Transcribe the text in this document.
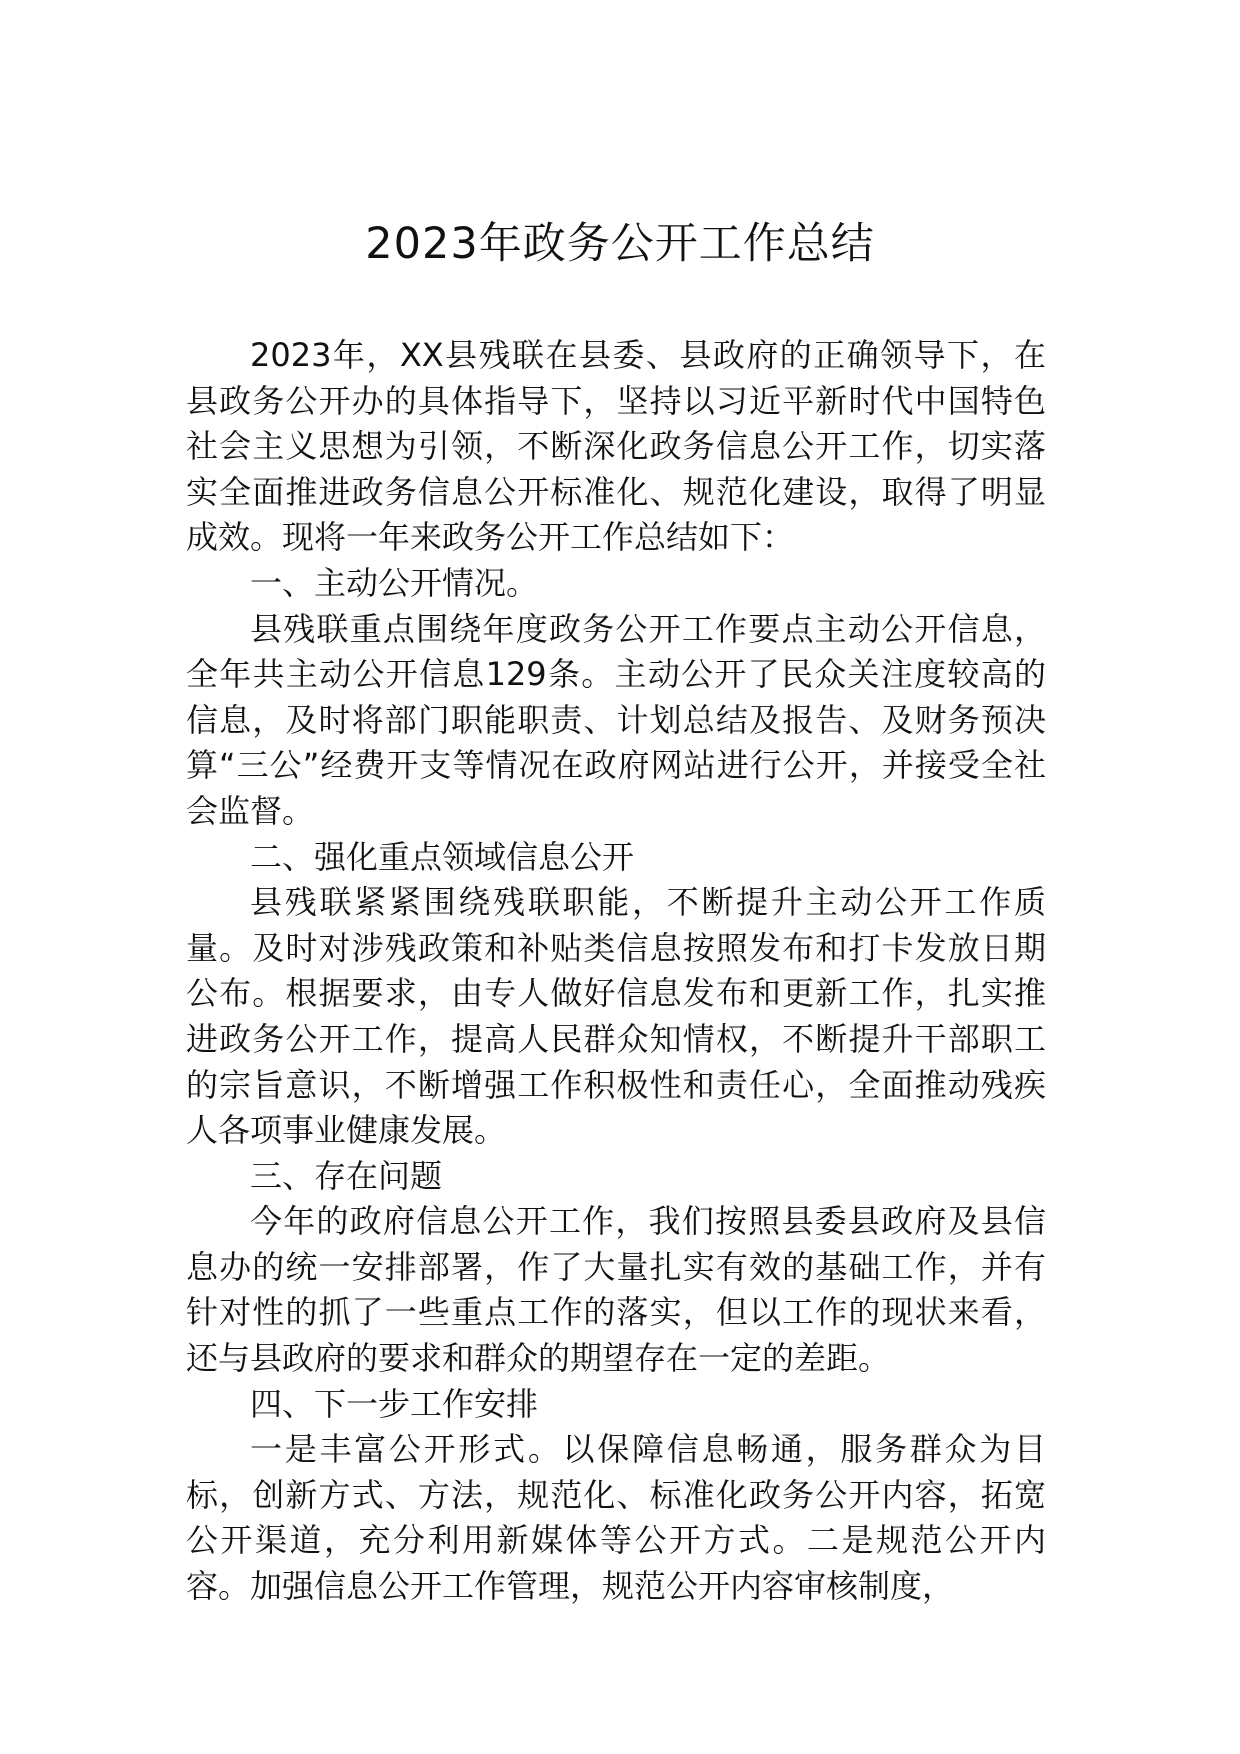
2023年政务公开工作总结

2023年，XX县残联在县委、县政府的正确领导下，在县政务公开办的具体指导下，坚持以习近平新时代中国特色社会主义思想为引领，不断深化政务信息公开工作，切实落实全面推进政务信息公开标准化、规范化建设，取得了明显成效。现将一年来政务公开工作总结如下：

一、主动公开情况。

县残联重点围绕年度政务公开工作要点主动公开信息，全年共主动公开信息129条。主动公开了民众关注度较高的信息，及时将部门职能职责、计划总结及报告、及财务预决算“三公”经费开支等情况在政府网站进行公开，并接受全社会监督。

二、强化重点领域信息公开

县残联紧紧围绕残联职能，不断提升主动公开工作质量。及时对涉残政策和补贴类信息按照发布和打卡发放日期公布。根据要求，由专人做好信息发布和更新工作，扎实推进政务公开工作，提高人民群众知情权，不断提升干部职工的宗旨意识，不断增强工作积极性和责任心，全面推动残疾人各项事业健康发展。

三、存在问题

今年的政府信息公开工作，我们按照县委县政府及县信息办的统一安排部署，作了大量扎实有效的基础工作，并有针对性的抓了一些重点工作的落实，但以工作的现状来看，还与县政府的要求和群众的期望存在一定的差距。

四、下一步工作安排

一是丰富公开形式。以保障信息畅通，服务群众为目标，创新方式、方法，规范化、标准化政务公开内容，拓宽公开渠道，充分利用新媒体等公开方式。二是规范公开内容。加强信息公开工作管理，规范公开内容审核制度，
